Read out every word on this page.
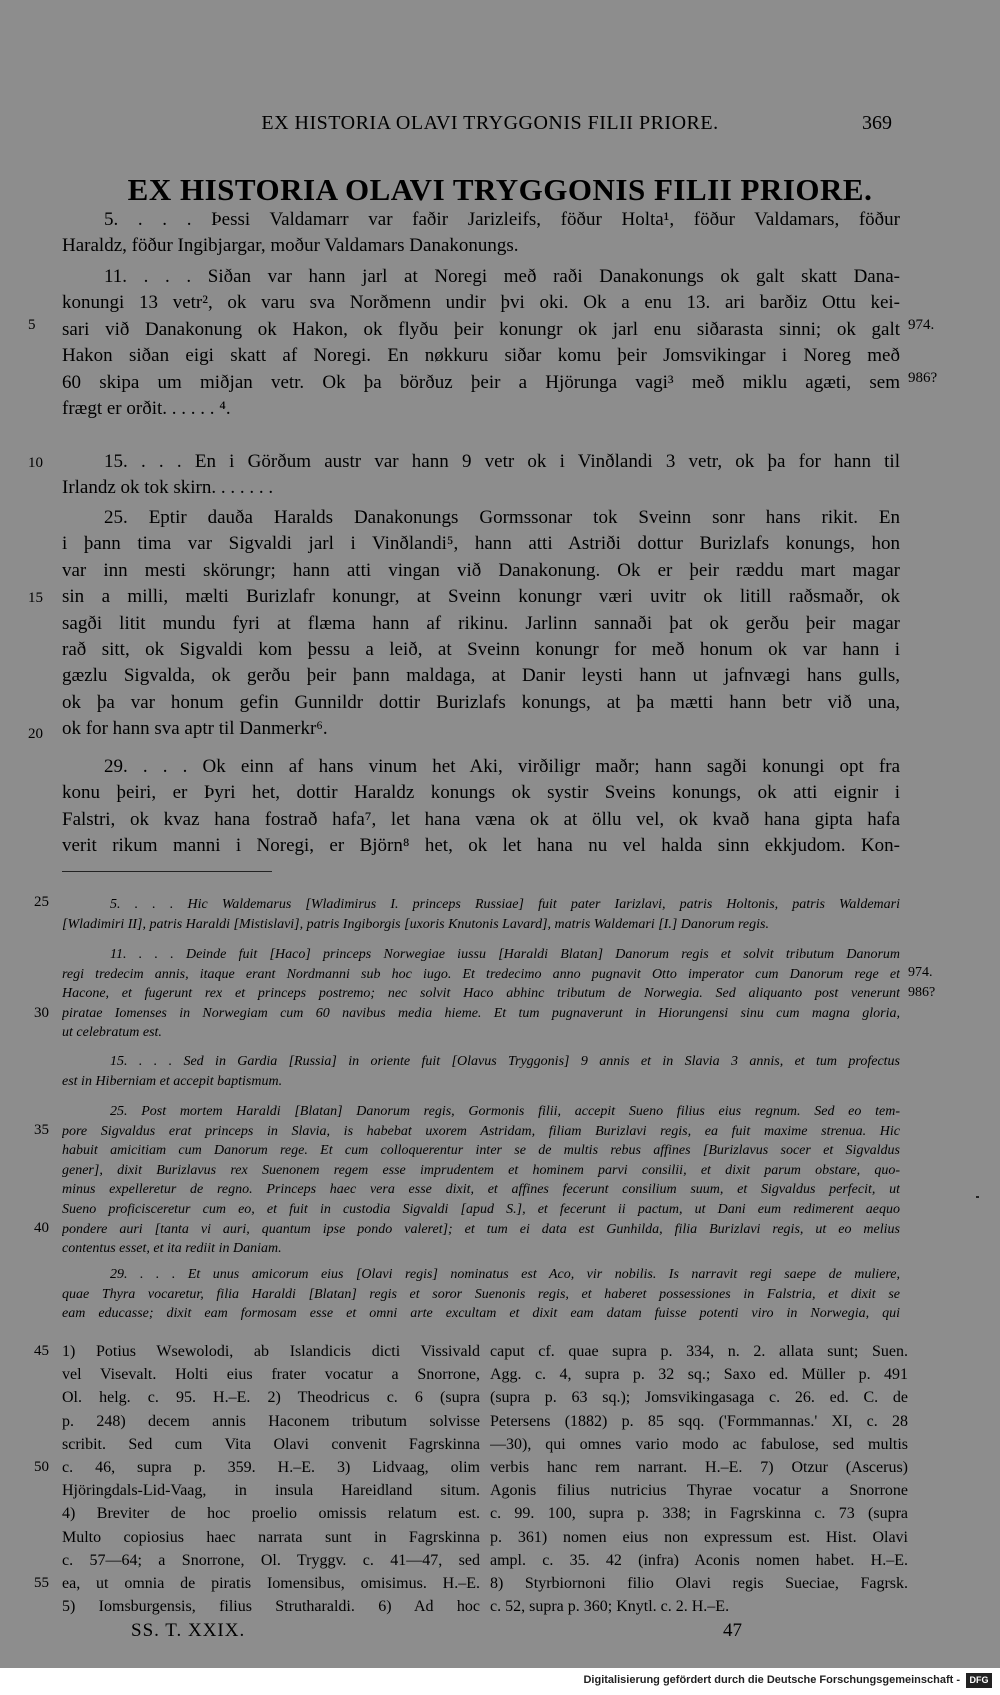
EX HISTORIA OLAVI TRYGGONIS FILII PRIORE.	369
EX HISTORIA OLAVI TRYGGONIS FILII PRIORE.
5. . . . Þessi Valdamarr var faðir Jarizleifs, föður Holta¹, föður Valdamars, föður
Haraldz, föður Ingibjargar, moður Valdamars Danakonungs.
11. . . . Siðan var hann jarl at Noregi með raði Danakonungs ok galt skatt Dana-
konungi 13 vetr², ok varu sva Norðmenn undir þvi oki. Ok a enu 13. ari barðiz Ottu kei-
sari við Danakonung ok Hakon, ok flyðu þeir konungr ok jarl enu siðarasta sinni; ok galt
Hakon siðan eigi skatt af Noregi. En nøkkuru siðar komu þeir Jomsvikingar i Noreg með
60 skipa um miðjan vetr. Ok þa börðuz þeir a Hjörunga vagi³ með miklu agæti, sem
frægt er orðit. . . . . . ⁴.
15. . . . En i Görðum austr var hann 9 vetr ok i Vinðlandi 3 vetr, ok þa for hann til
Irlandz ok tok skirn. . . . . . .
25. Eptir dauða Haralds Danakonungs Gormssonar tok Sveinn sonr hans rikit. En
i þann tima var Sigvaldi jarl i Vinðlandi⁵, hann atti Astriði dottur Burizlafs konungs, hon
var inn mesti skörungr; hann atti vingan við Danakonung. Ok er þeir ræddu mart magar
sin a milli, mælti Burizlafr konungr, at Sveinn konungr væri uvitr ok litill raðsmaðr, ok
sagði litit mundu fyri at flæma hann af rikinu. Jarlinn sannaði þat ok gerðu þeir magar
rað sitt, ok Sigvaldi kom þessu a leið, at Sveinn konungr for með honum ok var hann i
gæzlu Sigvalda, ok gerðu þeir þann maldaga, at Danir leysti hann ut jafnvægi hans gulls,
ok þa var honum gefin Gunnildr dottir Burizlafs konungs, at þa mætti hann betr við una,
ok for hann sva aptr til Danmerkr⁶.
29. . . . Ok einn af hans vinum het Aki, virðiligr maðr; hann sagði konungi opt fra
konu þeiri, er Þyri het, dottir Haraldz konungs ok systir Sveins konungs, ok atti eignir i
Falstri, ok kvaz hana fostrað hafa⁷, let hana væna ok at öllu vel, ok kvað hana gipta hafa
verit rikum manni i Noregi, er Björn⁸ het, ok let hana nu vel halda sinn ekkjudom. Kon-
5
10
15
20
974.
986?
5. . . . Hic Waldemarus [Wladimirus I. princeps Russiae] fuit pater Iarizlavi, patris Holtonis, patris Waldemari
[Wladimiri II], patris Haraldi [Mistislavi], patris Ingiborgis [uxoris Knutonis Lavard], matris Waldemari [I.] Danorum regis.
11. . . . Deinde fuit [Haco] princeps Norwegiae iussu [Haraldi Blatan] Danorum regis et solvit tributum Danorum
regi tredecim annis, itaque erant Nordmanni sub hoc iugo. Et tredecimo anno pugnavit Otto imperator cum Danorum rege et
Hacone, et fugerunt rex et princeps postremo; nec solvit Haco abhinc tributum de Norwegia. Sed aliquanto post venerunt
piratae Iomenses in Norwegiam cum 60 navibus media hieme. Et tum pugnaverunt in Hiorungensi sinu cum magna gloria,
ut celebratum est.
15. . . . Sed in Gardia [Russia] in oriente fuit [Olavus Tryggonis] 9 annis et in Slavia 3 annis, et tum profectus
est in Hiberniam et accepit baptismum.
25. Post mortem Haraldi [Blatan] Danorum regis, Gormonis filii, accepit Sueno filius eius regnum. Sed eo tem-
pore Sigvaldus erat princeps in Slavia, is habebat uxorem Astridam, filiam Burizlavi regis, ea fuit maxime strenua. Hic
habuit amicitiam cum Danorum rege. Et cum colloquerentur inter se de multis rebus affines [Burizlavus socer et Sigvaldus
gener], dixit Burizlavus rex Suenonem regem esse imprudentem et hominem parvi consilii, et dixit parum obstare, quo-
minus expelleretur de regno. Princeps haec vera esse dixit, et affines fecerunt consilium suum, et Sigvaldus perfecit, ut
Sueno proficisceretur cum eo, et fuit in custodia Sigvaldi [apud S.], et fecerunt ii pactum, ut Dani eum redimerent aequo
pondere auri [tanta vi auri, quantum ipse pondo valeret]; et tum ei data est Gunhilda, filia Burizlavi regis, ut eo melius
contentus esset, et ita rediit in Daniam.
29. . . . Et unus amicorum eius [Olavi regis] nominatus est Aco, vir nobilis. Is narravit regi saepe de muliere,
quae Thyra vocaretur, filia Haraldi [Blatan] regis et soror Suenonis regis, et haberet possessiones in Falstria, et dixit se
eam educasse; dixit eam formosam esse et omni arte excultam et dixit eam datam fuisse potenti viro in Norwegia, qui
25
30
35
40
974.
986?
1) Potius Wsewolodi, ab Islandicis dicti Vissivald
vel Visevalt. Holti eius frater vocatur a Snorrone,
Ol. helg. c. 95. H.–E. 2) Theodricus c. 6 (supra
p. 248) decem annis Haconem tributum solvisse
scribit. Sed cum Vita Olavi convenit Fagrskinna
c. 46, supra p. 359. H.–E. 3) Lidvaag, olim
Hjöringdals-Lid-Vaag, in insula Hareidland situm.
4) Breviter de hoc proelio omissis relatum est.
Multo copiosius haec narrata sunt in Fagrskinna
c. 57—64; a Snorrone, Ol. Tryggv. c. 41—47, sed
ea, ut omnia de piratis Iomensibus, omisimus. H.–E.
5) Iomsburgensis, filius Strutharaldi. 6) Ad hoc
caput cf. quae supra p. 334, n. 2. allata sunt; Suen.
Agg. c. 4, supra p. 32 sq.; Saxo ed. Müller p. 491
(supra p. 63 sq.); Jomsvikingasaga c. 26. ed. C. de
Petersens (1882) p. 85 sqq. ('Formmannas.' XI, c. 28
—30), qui omnes vario modo ac fabulose, sed multis
verbis hanc rem narrant. H.–E. 7) Otzur (Ascerus)
Agonis filius nutricius Thyrae vocatur a Snorrone
c. 99. 100, supra p. 338; in Fagrskinna c. 73 (supra
p. 361) nomen eius non expressum est. Hist. Olavi
ampl. c. 35. 42 (infra) Aconis nomen habet. H.–E.
8) Styrbiornoni filio Olavi regis Sueciae, Fagrsk.
c. 52, supra p. 360; Knytl. c. 2. H.–E.
45
50
55
SS. T. XXIX.	47
Digitalisierung gefördert durch die Deutsche Forschungsgemeinschaft -	DFG
